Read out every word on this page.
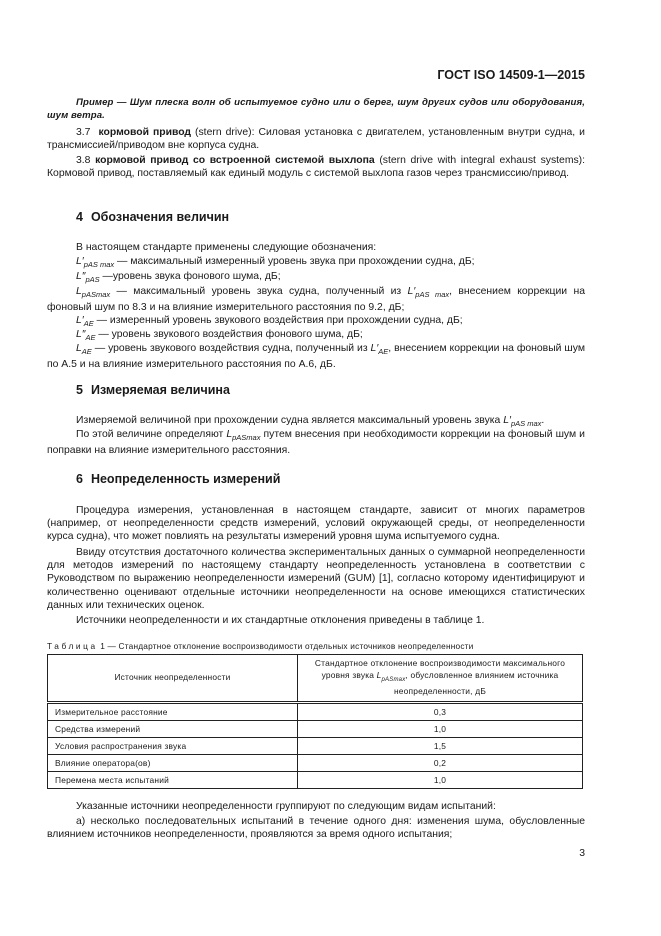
ГОСТ ISO 14509-1—2015
Пример — Шум плеска волн об испытуемое судно или о берег, шум других судов или оборудования, шум ветра.
3.7 кормовой привод (stern drive): Силовая установка с двигателем, установленным внутри судна, и трансмиссией/приводом вне корпуса судна.
3.8 кормовой привод со встроенной системой выхлопа (stern drive with integral exhaust systems): Кормовой привод, поставляемый как единый модуль с системой выхлопа газов через трансмиссию/привод.
4 Обозначения величин
В настоящем стандарте применены следующие обозначения:
$L'_{pAS max}$ — максимальный измеренный уровень звука при прохождении судна, дБ;
$L''_{pAS}$ —уровень звука фонового шума, дБ;
$L_{pASmax}$ — максимальный уровень звука судна, полученный из $L'_{pAS max}$, внесением коррекции на фоновый шум по 8.3 и на влияние измерительного расстояния по 9.2, дБ;
$L'_{AE}$ — измеренный уровень звукового воздействия при прохождении судна, дБ;
$L''_{AE}$ — уровень звукового воздействия фонового шума, дБ;
$L_{AE}$ — уровень звукового воздействия судна, полученный из $L'_{AE}$, внесением коррекции на фоновый шум по А.5 и на влияние измерительного расстояния по А.6, дБ.
5 Измеряемая величина
Измеряемой величиной при прохождении судна является максимальный уровень звука $L'_{pAS max}$.
По этой величине определяют $L_{pASmax}$ путем внесения при необходимости коррекции на фоновый шум и поправки на влияние измерительного расстояния.
6 Неопределенность измерений
Процедура измерения, установленная в настоящем стандарте, зависит от многих параметров (например, от неопределенности средств измерений, условий окружающей среды, от неопределенности курса судна), что может повлиять на результаты измерений уровня шума испытуемого судна.
Ввиду отсутствия достаточного количества экспериментальных данных о суммарной неопределенности для методов измерений по настоящему стандарту неопределенность установлена в соответствии с Руководством по выражению неопределенности измерений (GUM) [1], согласно которому идентифицируют и количественно оценивают отдельные источники неопределенности на основе имеющихся статистических данных или технических оценок.
Источники неопределенности и их стандартные отклонения приведены в таблице 1.
Таблица 1 — Стандартное отклонение воспроизводимости отдельных источников неопределенности
Источник неопределенности	Стандартное отклонение воспроизводимости максимального уровня звука $L_{pASmax}$, обусловленное влиянием источника неопределенности, дБ
Измерительное расстояние	0,3
Средства измерений	1,0
Условия распространения звука	1,5
Влияние оператора(ов)	0,2
Перемена места испытаний	1,0
Указанные источники неопределенности группируют по следующим видам испытаний:
а) несколько последовательных испытаний в течение одного дня: изменения шума, обусловленные влиянием источников неопределенности, проявляются за время одного испытания;
3
